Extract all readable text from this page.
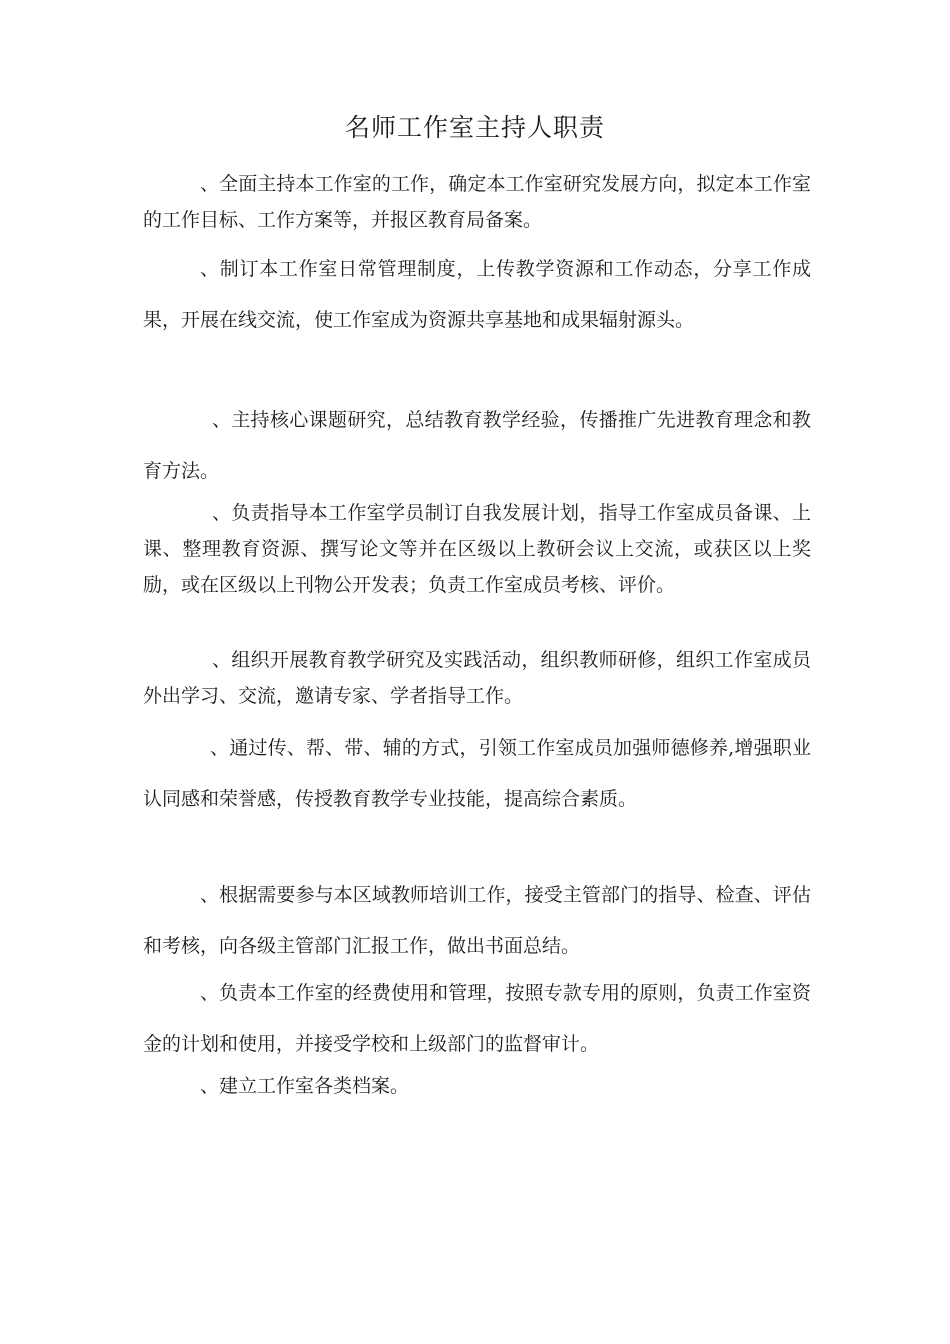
名师工作室主持人职责
、全面主持本工作室的工作，确定本工作室研究发展方向，拟定本工作室的工作目标、工作方案等，并报区教育局备案。
、制订本工作室日常管理制度，上传教学资源和工作动态，分享工作成果，开展在线交流，使工作室成为资源共享基地和成果辐射源头。
、主持核心课题研究，总结教育教学经验，传播推广先进教育理念和教育方法。
、负责指导本工作室学员制订自我发展计划，指导工作室成员备课、上课、整理教育资源、撰写论文等并在区级以上教研会议上交流，或获区以上奖励，或在区级以上刊物公开发表；负责工作室成员考核、评价。
、组织开展教育教学研究及实践活动，组织教师研修，组织工作室成员外出学习、交流，邀请专家、学者指导工作。
、通过传、帮、带、辅的方式，引领工作室成员加强师德修养,增强职业认同感和荣誉感，传授教育教学专业技能，提高综合素质。
、根据需要参与本区域教师培训工作，接受主管部门的指导、检查、评估和考核，向各级主管部门汇报工作，做出书面总结。
、负责本工作室的经费使用和管理，按照专款专用的原则，负责工作室资金的计划和使用，并接受学校和上级部门的监督审计。
、建立工作室各类档案。
